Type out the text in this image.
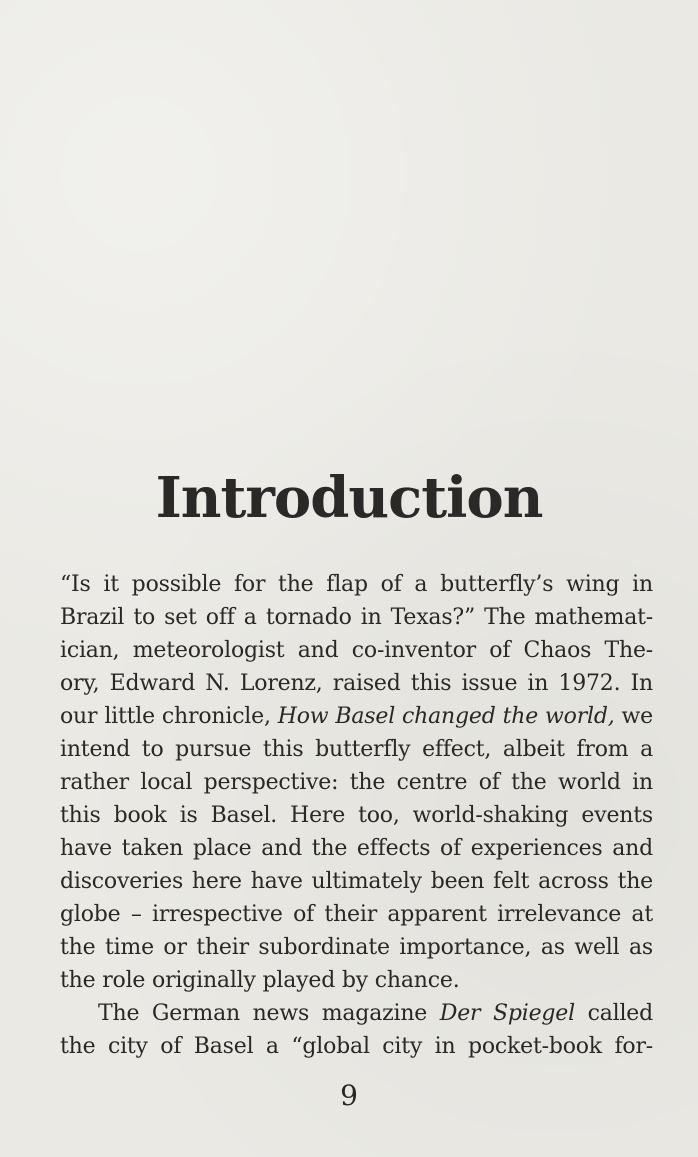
Introduction
“Is it possible for the flap of a butterfly’s wing in
Brazil to set off a tornado in Texas?” The mathemat-
ician, meteorologist and co-inventor of Chaos The-
ory, Edward N. Lorenz, raised this issue in 1972. In
our little chronicle, How Basel changed the world, we
intend to pursue this butterfly effect, albeit from a
rather local perspective: the centre of the world in
this book is Basel. Here too, world-shaking events
have taken place and the effects of experiences and
discoveries here have ultimately been felt across the
globe – irrespective of their apparent irrelevance at
the time or their subordinate importance, as well as
the role originally played by chance.
The German news magazine Der Spiegel called
the city of Basel a “global city in pocket-book for-
9
